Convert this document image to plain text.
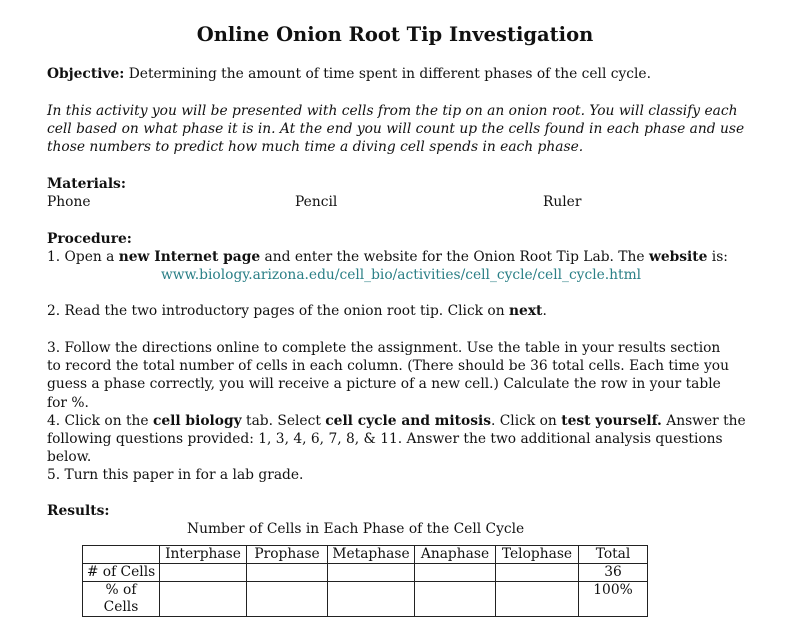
Online Onion Root Tip Investigation
Objective: Determining the amount of time spent in different phases of the cell cycle.
In this activity you will be presented with cells from the tip on an onion root. You will classify each cell based on what phase it is in. At the end you will count up the cells found in each phase and use those numbers to predict how much time a diving cell spends in each phase.
Materials:
Phone	Pencil	Ruler
Procedure:
1. Open a new Internet page and enter the website for the Onion Root Tip Lab. The website is:
www.biology.arizona.edu/cell_bio/activities/cell_cycle/cell_cycle.html
2. Read the two introductory pages of the onion root tip. Click on next.
3. Follow the directions online to complete the assignment. Use the table in your results section to record the total number of cells in each column. (There should be 36 total cells. Each time you guess a phase correctly, you will receive a picture of a new cell.) Calculate the row in your table for %.
4. Click on the cell biology tab. Select cell cycle and mitosis. Click on test yourself. Answer the following questions provided: 1, 3, 4, 6, 7, 8, & 11. Answer the two additional analysis questions below.
5. Turn this paper in for a lab grade.
Results:
Number of Cells in Each Phase of the Cell Cycle
	Interphase	Prophase	Metaphase	Anaphase	Telophase	Total
# of Cells						36

% of
Cells						100%
